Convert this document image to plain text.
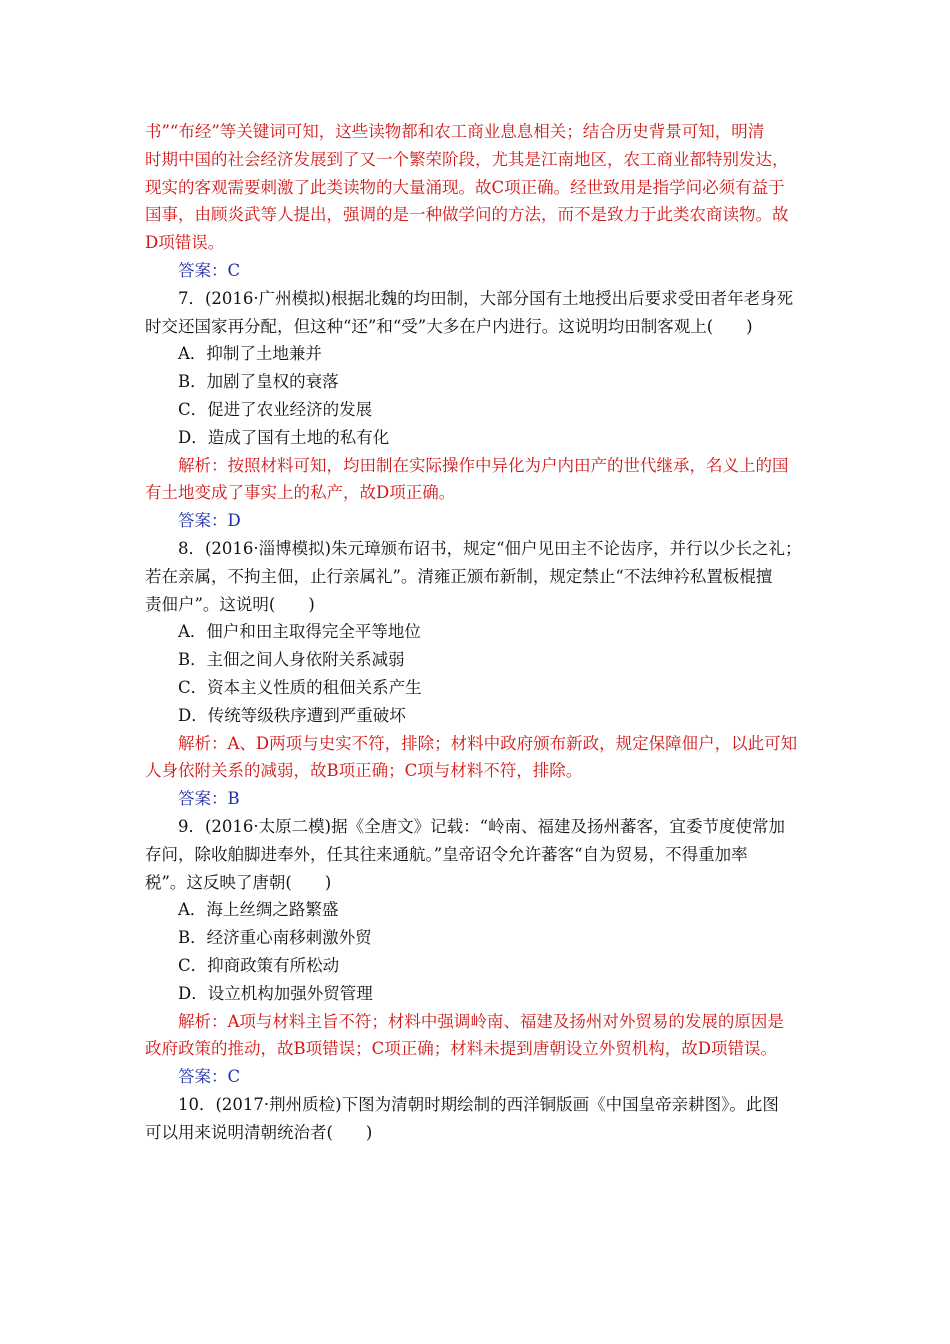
书”“布经”等关键词可知，这些读物都和农工商业息息相关；结合历史背景可知，明清
时期中国的社会经济发展到了又一个繁荣阶段，尤其是江南地区，农工商业都特别发达，
现实的客观需要刺激了此类读物的大量涌现。故C项正确。经世致用是指学问必须有益于
国事，由顾炎武等人提出，强调的是一种做学问的方法，而不是致力于此类农商读物。故
D项错误。
答案：C
7．(2016·广州模拟)根据北魏的均田制，大部分国有土地授出后要求受田者年老身死
时交还国家再分配，但这种“还”和“受”大多在户内进行。这说明均田制客观上(　　)
A．抑制了土地兼并
B．加剧了皇权的衰落
C．促进了农业经济的发展
D．造成了国有土地的私有化
解析：按照材料可知，均田制在实际操作中异化为户内田产的世代继承，名义上的国
有土地变成了事实上的私产，故D项正确。
答案：D
8．(2016·淄博模拟)朱元璋颁布诏书，规定“佃户见田主不论齿序，并行以少长之礼；
若在亲属，不拘主佃，止行亲属礼”。清雍正颁布新制，规定禁止“不法绅衿私置板棍擅
责佃户”。这说明(　　)
A．佃户和田主取得完全平等地位
B．主佃之间人身依附关系减弱
C．资本主义性质的租佃关系产生
D．传统等级秩序遭到严重破坏
解析：A、D两项与史实不符，排除；材料中政府颁布新政，规定保障佃户，以此可知
人身依附关系的减弱，故B项正确；C项与材料不符，排除。
答案：B
9．(2016·太原二模)据《全唐文》记载：“岭南、福建及扬州蕃客，宜委节度使常加
存问，除收舶脚进奉外，任其往来通航。”皇帝诏令允许蕃客“自为贸易，不得重加率
税”。这反映了唐朝(　　)
A．海上丝绸之路繁盛
B．经济重心南移刺激外贸
C．抑商政策有所松动
D．设立机构加强外贸管理
解析：A项与材料主旨不符；材料中强调岭南、福建及扬州对外贸易的发展的原因是
政府政策的推动，故B项错误；C项正确；材料未提到唐朝设立外贸机构，故D项错误。
答案：C
10．(2017·荆州质检)下图为清朝时期绘制的西洋铜版画《中国皇帝亲耕图》。此图
可以用来说明清朝统治者(　　)
